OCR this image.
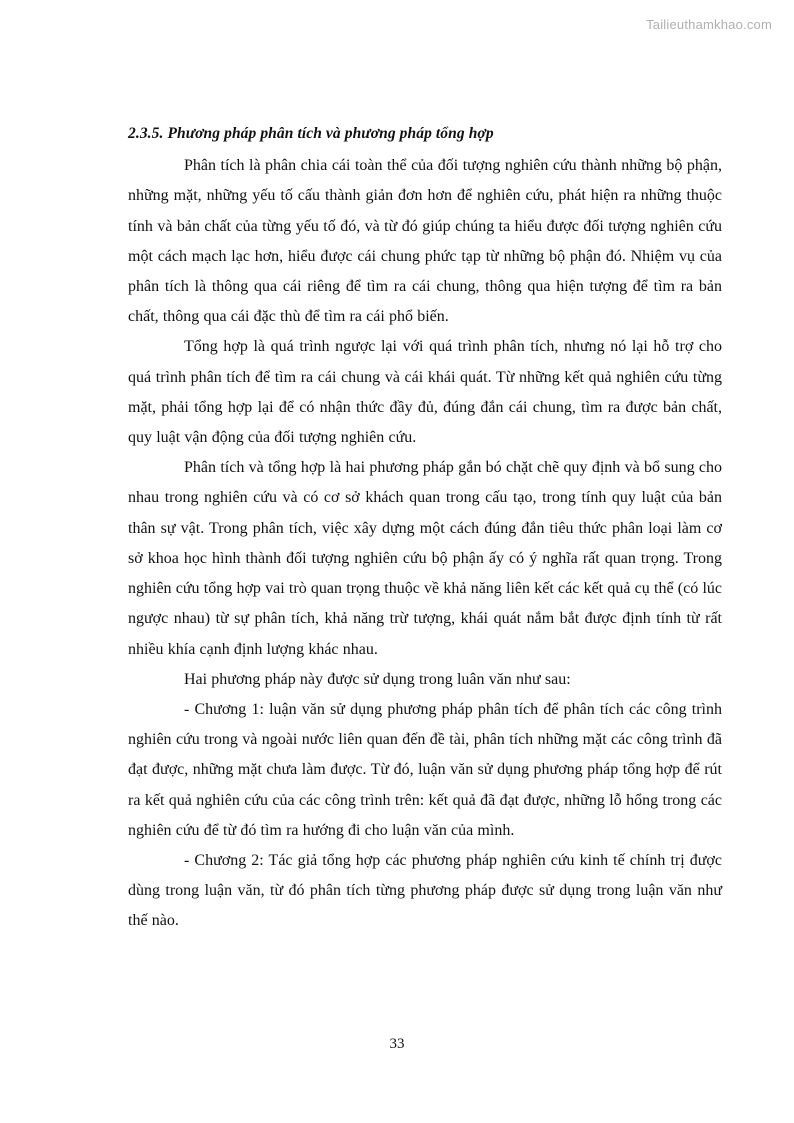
Tailieuthamkhao.com
2.3.5. Phương pháp phân tích và phương pháp tổng hợp

Phân tích là phân chia cái toàn thể của đối tượng nghiên cứu thành những bộ phận, những mặt, những yếu tố cấu thành giản đơn hơn để nghiên cứu, phát hiện ra những thuộc tính và bản chất của từng yếu tố đó, và từ đó giúp chúng ta hiểu được đối tượng nghiên cứu một cách mạch lạc hơn, hiểu được cái chung phức tạp từ những bộ phận đó. Nhiệm vụ của phân tích là thông qua cái riêng để tìm ra cái chung, thông qua hiện tượng để tìm ra bản chất, thông qua cái đặc thù để tìm ra cái phổ biến.

Tổng hợp là quá trình ngược lại với quá trình phân tích, nhưng nó lại hỗ trợ cho quá trình phân tích để tìm ra cái chung và cái khái quát. Từ những kết quả nghiên cứu từng mặt, phải tổng hợp lại để có nhận thức đầy đủ, đúng đắn cái chung, tìm ra được bản chất, quy luật vận động của đối tượng nghiên cứu.

Phân tích và tổng hợp là hai phương pháp gắn bó chặt chẽ quy định và bổ sung cho nhau trong nghiên cứu và có cơ sở khách quan trong cấu tạo, trong tính quy luật của bản thân sự vật. Trong phân tích, việc xây dựng một cách đúng đắn tiêu thức phân loại làm cơ sở khoa học hình thành đối tượng nghiên cứu bộ phận ấy có ý nghĩa rất quan trọng. Trong nghiên cứu tổng hợp vai trò quan trọng thuộc về khả năng liên kết các kết quả cụ thể (có lúc ngược nhau) từ sự phân tích, khả năng trừ tượng, khái quát nắm bắt được định tính từ rất nhiều khía cạnh định lượng khác nhau.

Hai phương pháp này được sử dụng trong luân văn như sau:

- Chương 1: luận văn sử dụng phương pháp phân tích để phân tích các công trình nghiên cứu trong và ngoài nước liên quan đến đề tài, phân tích những mặt các công trình đã đạt được, những mặt chưa làm được. Từ đó, luận văn sử dụng phương pháp tổng hợp để rút ra kết quả nghiên cứu của các công trình trên: kết quả đã đạt được, những lỗ hổng trong các nghiên cứu để từ đó tìm ra hướng đi cho luận văn của mình.

- Chương 2: Tác giả tổng hợp các phương pháp nghiên cứu kinh tế chính trị được dùng trong luận văn, từ đó phân tích từng phương pháp được sử dụng trong luận văn như thế nào.

33
